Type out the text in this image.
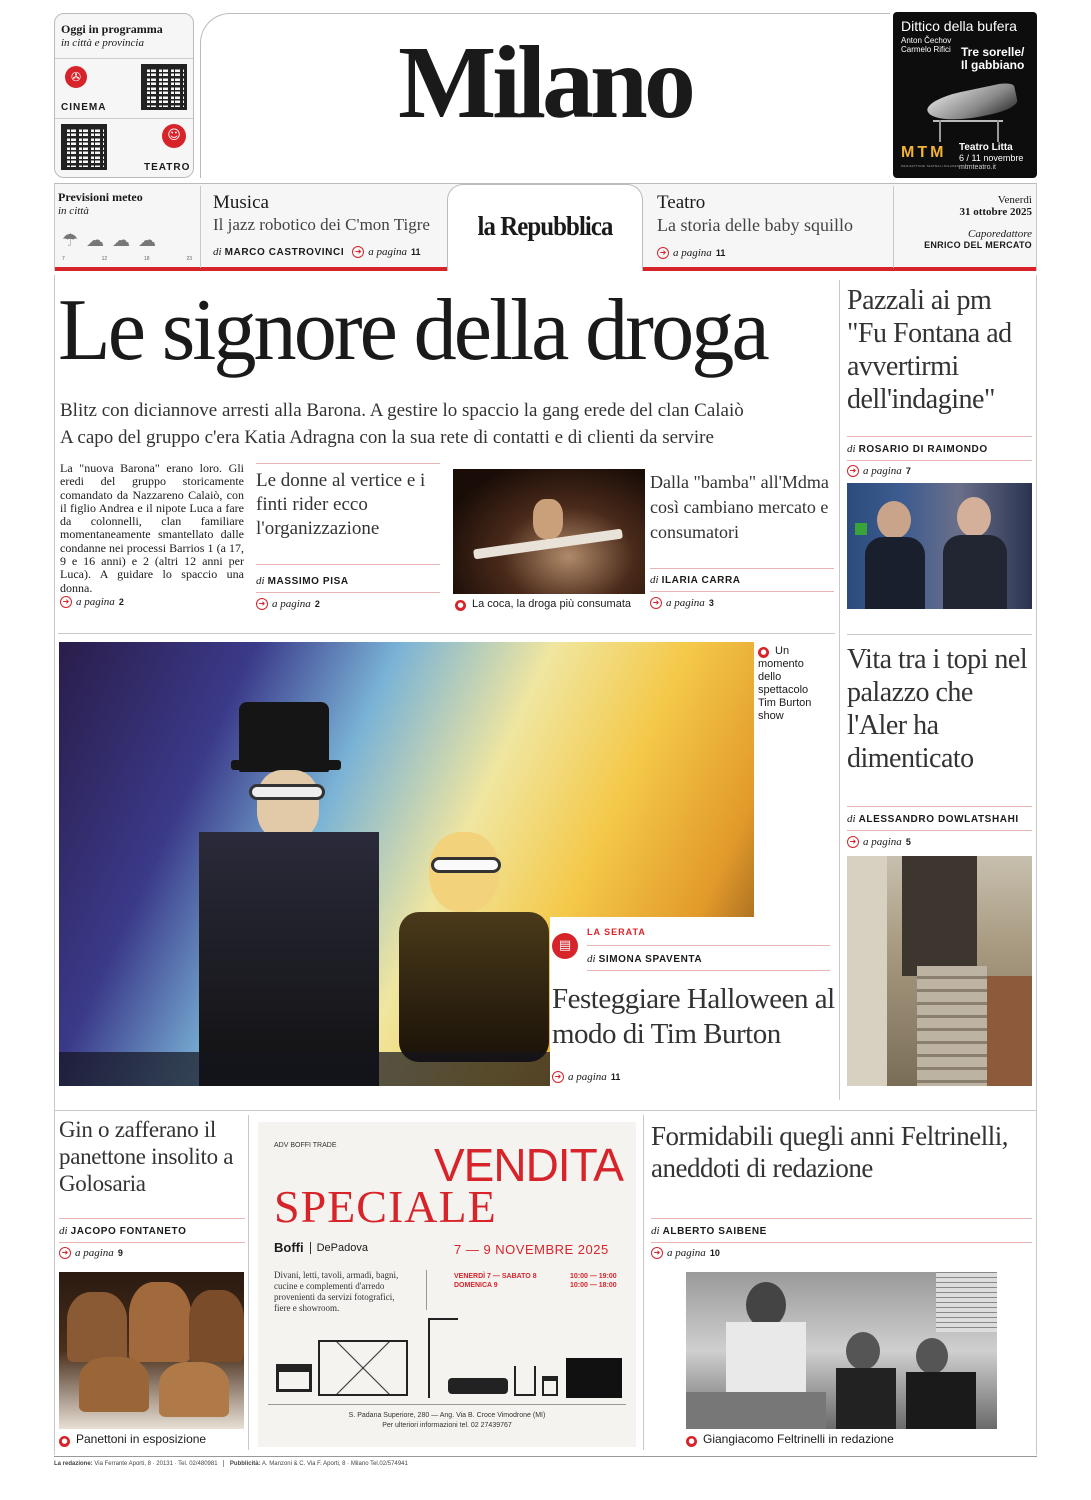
Oggi in programma
in città e provincia
✇
CINEMA
☺
TEATRO
Milano	Dittico della bufera
Anton Čechov
Carmelo Rifici Tre sorelle/
Il gabbiano
MTM
MANIFATTURE TEATRALI MILANESI
Teatro Litta
6 / 11 novembre
mtmteatro.it
Previsioni meteo
in città
☂ ☁ ☁ ☁
7	12	18	23
Musica
Il jazz robotico dei C'mon Tigre
di MARCO CASTROVINCI	➜ a pagina 11
la Repubblica
Teatro
La storia delle baby squillo
➜ a pagina 11
Venerdì
31 ottobre 2025
Caporedattore
ENRICO DEL MERCATO
Le signore della droga
Blitz con diciannove arresti alla Barona. A gestire lo spaccio la gang erede del clan Calaiò
A capo del gruppo c'era Katia Adragna con la sua rete di contatti e di clienti da servire
La "nuova Barona" erano loro. Gli eredi del gruppo storicamente comandato da Nazzareno Calaiò, con il figlio Andrea e il nipote Luca a fare da colonnelli, clan familiare momentaneamente smantellato dalle condanne nei processi Barrios 1 (a 17, 9 e 16 anni) e 2 (altri 12 anni per Luca). A guidare lo spaccio una donna.
➜ a pagina 2
Le donne al vertice e i finti rider ecco l'organizzazione
di MASSIMO PISA
➜ a pagina 2	● La coca, la droga più consumata
Dalla "bamba" all'Mdma così cambiano mercato e consumatori
di ILARIA CARRA
➜ a pagina 3
Pazzali ai pm "Fu Fontana ad avvertirmi dell'indagine"
di ROSARIO DI RAIMONDO
➜ a pagina 7
● Un momento dello spettacolo Tim Burton show
▤
LA SERATA
di SIMONA SPAVENTA
Festeggiare Halloween al modo di Tim Burton
➜ a pagina 11
Vita tra i topi nel palazzo che l'Aler ha dimenticato
di ALESSANDRO DOWLATSHAHI
➜ a pagina 5
Gin o zafferano il panettone insolito a Golosaria
di JACOPO FONTANETO
➜ a pagina 9
● Panettoni in esposizione
ADV BOFFI TRADE VENDITA
SPECIALE
Boffi DePadova	7 — 9 NOVEMBRE 2025
Divani, letti, tavoli, armadi, bagni, cucine e complementi d'arredo provenienti da servizi fotografici, fiere e showroom.
VENERDÌ 7 — SABATO 8	10:00 — 19:00
DOMENICA 9	10:00 — 18:00
S. Padana Superiore, 280 — Ang. Via B. Croce Vimodrone (MI)
Per ulteriori informazioni tel. 02 27439767
Formidabili quegli anni Feltrinelli, aneddoti di redazione
di ALBERTO SAIBENE
➜ a pagina 10
● Giangiacomo Feltrinelli in redazione
La redazione: Via Ferrante Aporti, 8 · 20131 · Tel. 02/480981 Pubblicità: A. Manzoni & C. Via F. Aporti, 8 · Milano Tel.02/574941
